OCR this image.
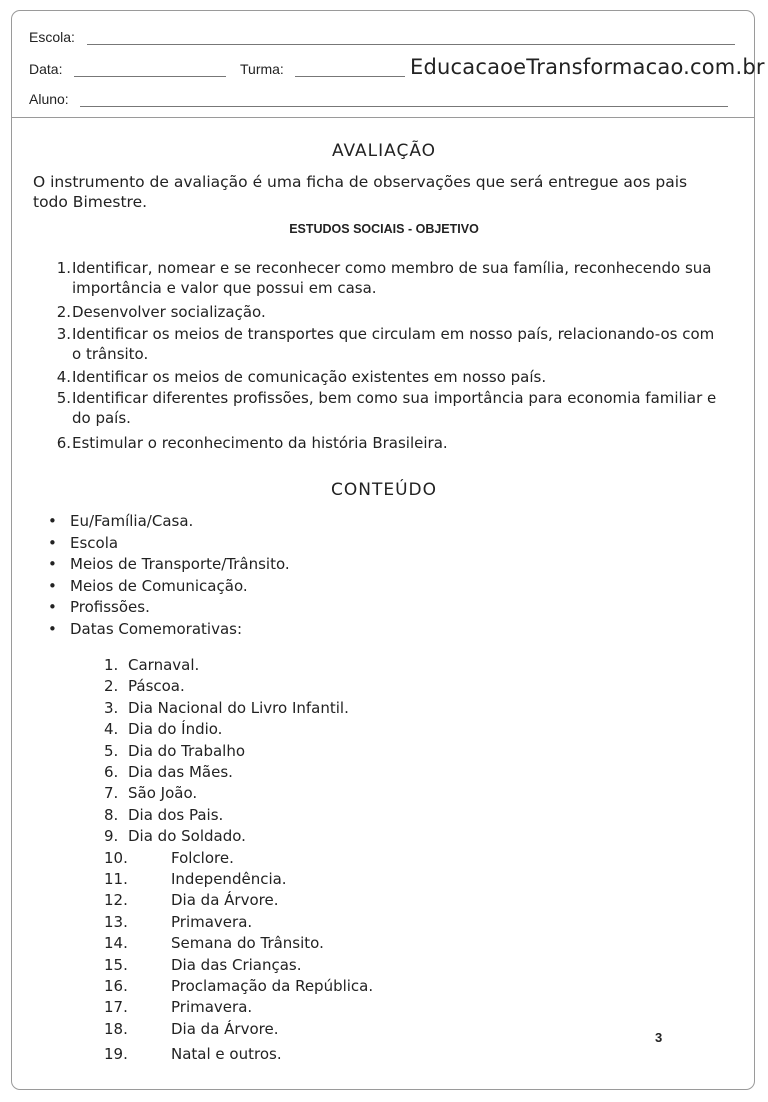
Escola:
Data:	Turma:	EducacaoeTransformacao.com.br
Aluno:
AVALIAÇÃO
O instrumento de avaliação é uma ficha de observações que será entregue aos pais todo Bimestre.
ESTUDOS SOCIAIS - OBJETIVO
1. Identificar, nomear e se reconhecer como membro de sua família, reconhecendo sua importância e valor que possui em casa.
2. Desenvolver socialização.
3. Identificar os meios de transportes que circulam em nosso país, relacionando-os com o trânsito.
4. Identificar os meios de comunicação existentes em nosso país.
5. Identificar diferentes profissões, bem como sua importância para economia familiar e do país.
6. Estimular o reconhecimento da história Brasileira.
CONTEÚDO
• Eu/Família/Casa.
• Escola
• Meios de Transporte/Trânsito.
• Meios de Comunicação.
• Profissões.
• Datas Comemorativas:
1. Carnaval.
2. Páscoa.
3. Dia Nacional do Livro Infantil.
4. Dia do Índio.
5. Dia do Trabalho
6. Dia das Mães.
7. São João.
8. Dia dos Pais.
9. Dia do Soldado.
10.	Folclore.
11.	Independência.
12.	Dia da Árvore.
13.	Primavera.
14.	Semana do Trânsito.
15.	Dia das Crianças.
16.	Proclamação da República.
17.	Primavera.
18.	Dia da Árvore.
19.	Natal e outros.
3
